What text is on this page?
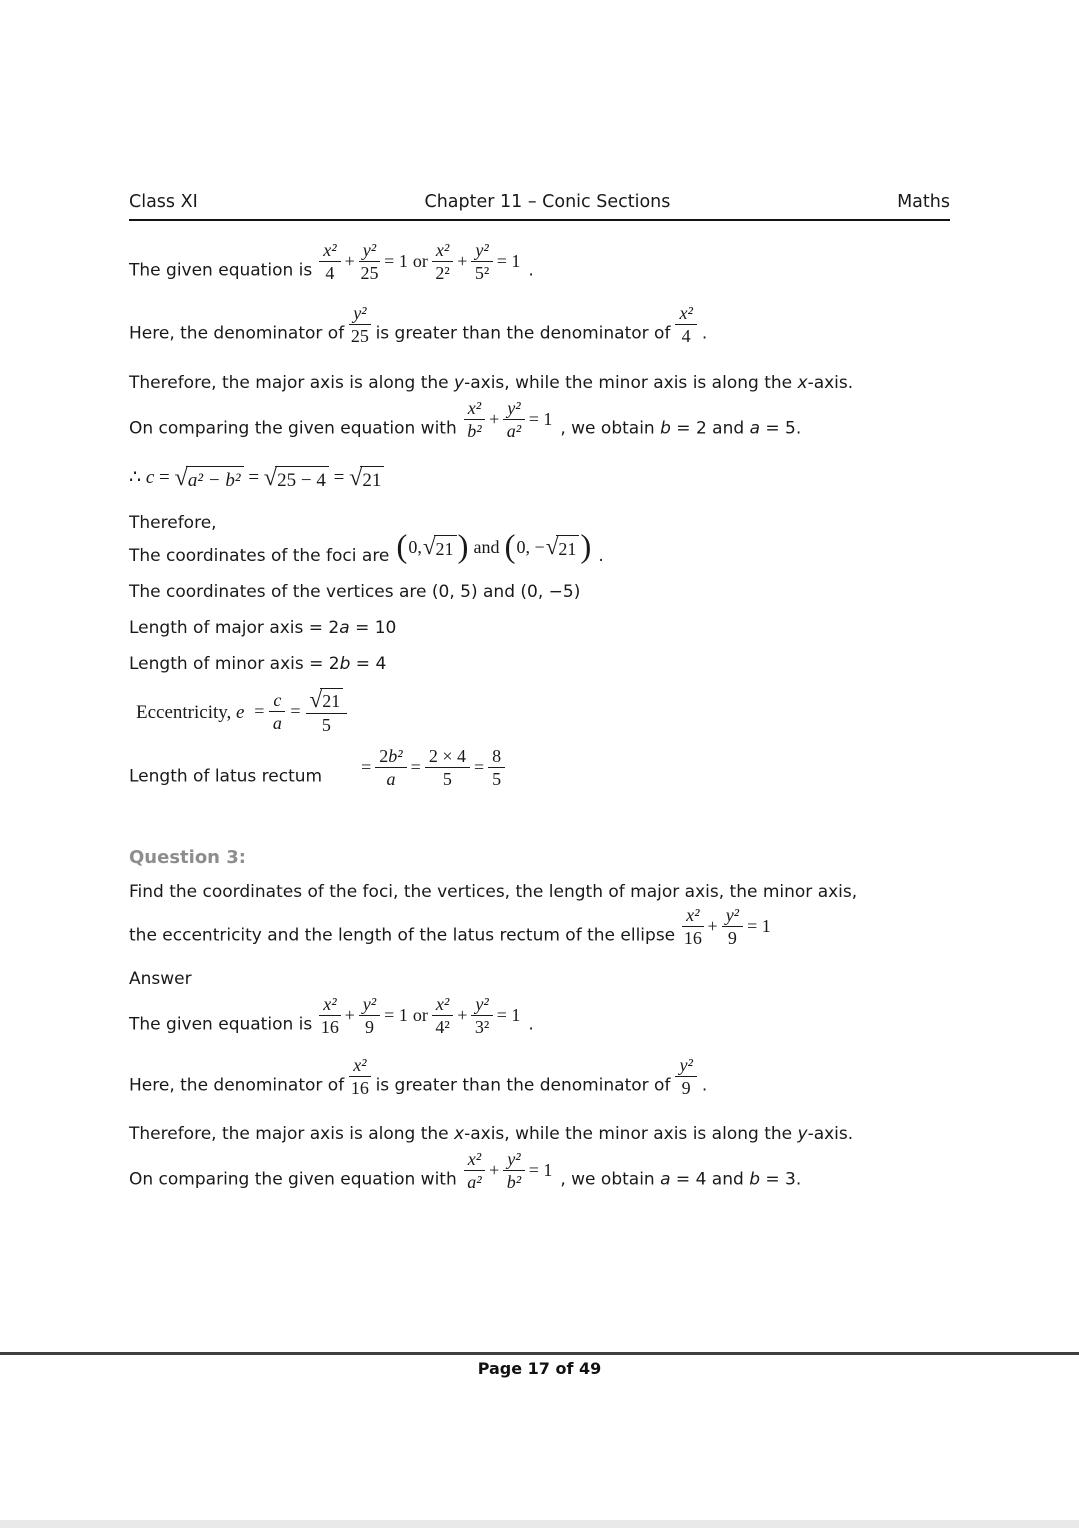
Class XI	Chapter 11 – Conic Sections	Maths

The given equation is $\frac{\text{x²}}{4} + \frac{\text{y²}}{25} = 1$ or $\frac{\text{x²}}{\text{2²}} + \frac{\text{y²}}{\text{5²}} = 1$ .

Here, the denominator of $\frac{\text{y²}}{25}$ is greater than the denominator of $\frac{\text{x²}}{4}$ .

Therefore, the major axis is along the y-axis, while the minor axis is along the x-axis.

On comparing the given equation with $\frac{\text{x²}}{\text{b²}} + \frac{\text{y²}}{\text{a²}} = 1$ , we obtain b = 2 and a = 5.

∴ c = √ a² − b² = √ 25 − 4 = √ 21

Therefore,

The coordinates of the foci are ( 0, √ 21 ) and ( 0, − √ 21 ) .

The coordinates of the vertices are (0, 5) and (0, −5)

Length of major axis = 2a = 10

Length of minor axis = 2b = 4

Eccentricity, $e = \frac{c}{a} = \frac{√ 21}{5}$

Length of latus rectum = $\frac{\text{2b²}}{a} = \frac{2 \times 4}{5} = \frac{8}{5}$

Question 3:

Find the coordinates of the foci, the vertices, the length of major axis, the minor axis,

the eccentricity and the length of the latus rectum of the ellipse $\frac{\text{x²}}{16} + \frac{\text{y²}}{9} = 1$

Answer

The given equation is $\frac{\text{x²}}{16} + \frac{\text{y²}}{9} = 1$ or $\frac{\text{x²}}{\text{4²}} + \frac{\text{y²}}{\text{3²}} = 1$ .

Here, the denominator of $\frac{\text{x²}}{16}$ is greater than the denominator of $\frac{\text{y²}}{9}$ .

Therefore, the major axis is along the x-axis, while the minor axis is along the y-axis.

On comparing the given equation with $\frac{\text{x²}}{\text{a²}} + \frac{\text{y²}}{\text{b²}} = 1$ , we obtain a = 4 and b = 3.

Page 17 of 49
